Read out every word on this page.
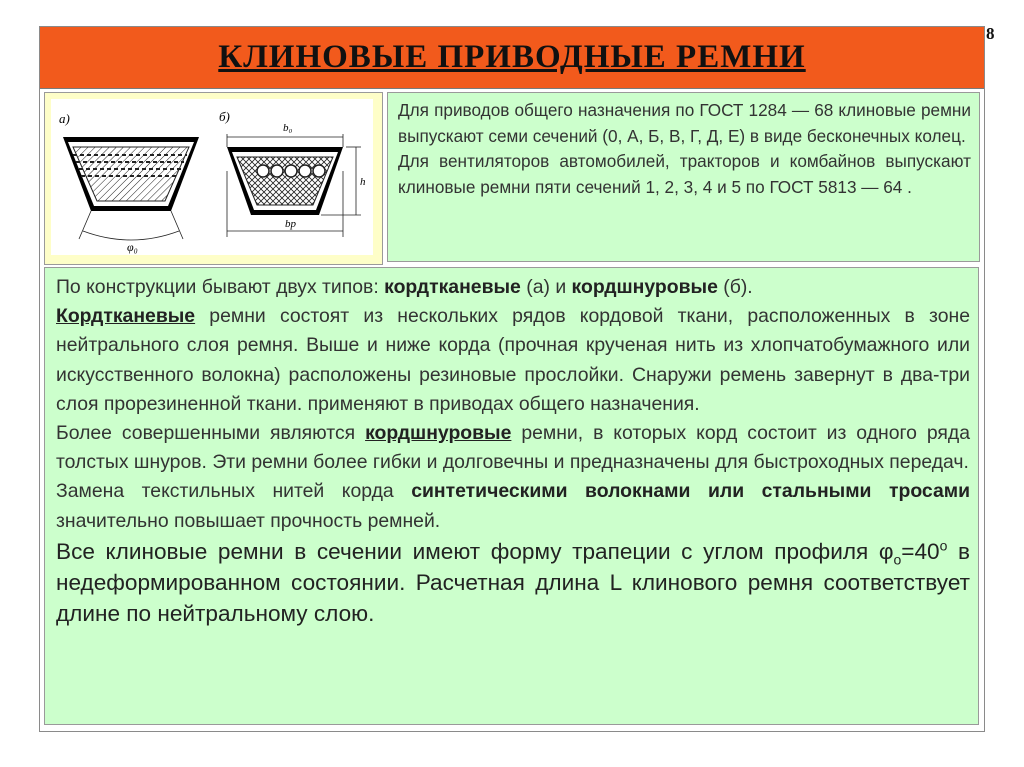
8
КЛИНОВЫЕ ПРИВОДНЫЕ РЕМНИ
а)
φ₀
б)
b₀
h
bp

Для приводов общего назначения по ГОСТ 1284 — 68 клиновые ремни выпускают семи сечений (0, А, Б, В, Г, Д, Е) в виде бесконечных колец.

Для вентиляторов автомобилей, тракторов и комбайнов выпускают клиновые ремни пяти сечений 1, 2, 3, 4 и 5 по ГОСТ 5813 — 64 .

По конструкции бывают двух типов: кордтканевые (а) и кордшнуровые (б).

Кордтканевые ремни состоят из нескольких рядов кордовой ткани, расположенных в зоне нейтрального слоя ремня. Выше и ниже корда (прочная крученая нить из хлопчатобумажного или искусственного волокна) расположены резиновые прослойки. Снаружи ремень завернут в два-три слоя прорезиненной ткани. применяют в приводах общего назначения.

Более совершенными являются кордшнуровые ремни, в которых корд состоит из одного ряда толстых шнуров. Эти ремни более гибки и долговечны и предназначены для быстроходных передач.

Замена текстильных нитей корда синтетическими волокнами или стальными тросами значительно повышает прочность ремней.

Все клиновые ремни в сечении имеют форму трапеции с углом профиля $\varphi_о=40^о$ в недеформированном состоянии. Расчетная длина L клинового ремня соответствует длине по нейтральному слою.
